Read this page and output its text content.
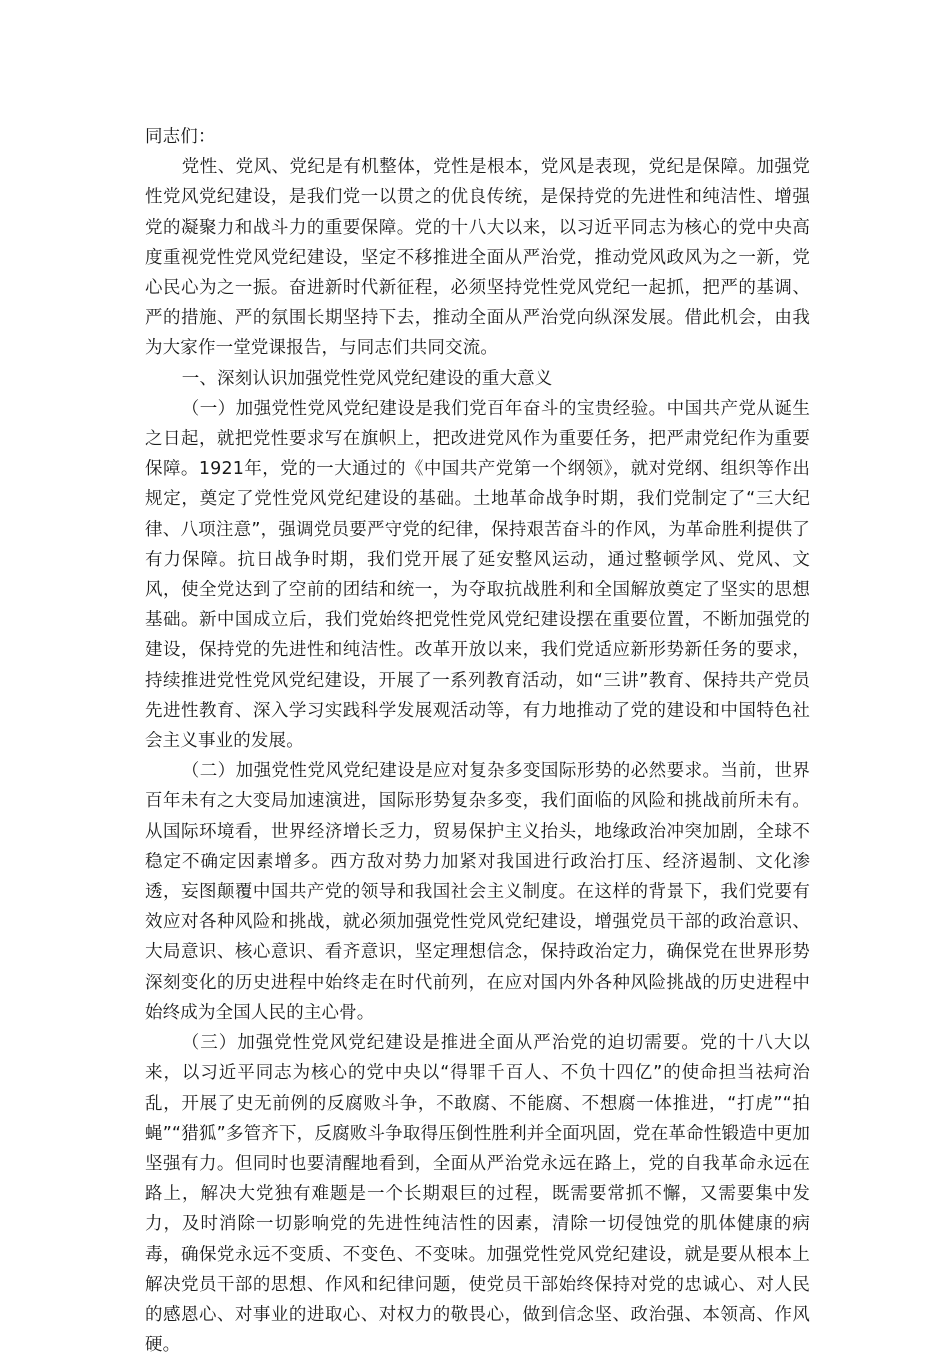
同志们：

党性、党风、党纪是有机整体，党性是根本，党风是表现，党纪是保障。加强党性党风党纪建设，是我们党一以贯之的优良传统，是保持党的先进性和纯洁性、增强党的凝聚力和战斗力的重要保障。党的十八大以来，以习近平同志为核心的党中央高度重视党性党风党纪建设，坚定不移推进全面从严治党，推动党风政风为之一新，党心民心为之一振。奋进新时代新征程，必须坚持党性党风党纪一起抓，把严的基调、严的措施、严的氛围长期坚持下去，推动全面从严治党向纵深发展。借此机会，由我为大家作一堂党课报告，与同志们共同交流。

一、深刻认识加强党性党风党纪建设的重大意义

（一）加强党性党风党纪建设是我们党百年奋斗的宝贵经验。中国共产党从诞生之日起，就把党性要求写在旗帜上，把改进党风作为重要任务，把严肃党纪作为重要保障。1921年，党的一大通过的《中国共产党第一个纲领》，就对党纲、组织等作出规定，奠定了党性党风党纪建设的基础。土地革命战争时期，我们党制定了“三大纪律、八项注意”，强调党员要严守党的纪律，保持艰苦奋斗的作风，为革命胜利提供了有力保障。抗日战争时期，我们党开展了延安整风运动，通过整顿学风、党风、文风，使全党达到了空前的团结和统一，为夺取抗战胜利和全国解放奠定了坚实的思想基础。新中国成立后，我们党始终把党性党风党纪建设摆在重要位置，不断加强党的建设，保持党的先进性和纯洁性。改革开放以来，我们党适应新形势新任务的要求，持续推进党性党风党纪建设，开展了一系列教育活动，如“三讲”教育、保持共产党员先进性教育、深入学习实践科学发展观活动等，有力地推动了党的建设和中国特色社会主义事业的发展。

（二）加强党性党风党纪建设是应对复杂多变国际形势的必然要求。当前，世界百年未有之大变局加速演进，国际形势复杂多变，我们面临的风险和挑战前所未有。从国际环境看，世界经济增长乏力，贸易保护主义抬头，地缘政治冲突加剧，全球不稳定不确定因素增多。西方敌对势力加紧对我国进行政治打压、经济遏制、文化渗透，妄图颠覆中国共产党的领导和我国社会主义制度。在这样的背景下，我们党要有效应对各种风险和挑战，就必须加强党性党风党纪建设，增强党员干部的政治意识、大局意识、核心意识、看齐意识，坚定理想信念，保持政治定力，确保党在世界形势深刻变化的历史进程中始终走在时代前列，在应对国内外各种风险挑战的历史进程中始终成为全国人民的主心骨。

（三）加强党性党风党纪建设是推进全面从严治党的迫切需要。党的十八大以来，以习近平同志为核心的党中央以“得罪千百人、不负十四亿”的使命担当祛疴治乱，开展了史无前例的反腐败斗争，不敢腐、不能腐、不想腐一体推进，“打虎”“拍蝇”“猎狐”多管齐下，反腐败斗争取得压倒性胜利并全面巩固，党在革命性锻造中更加坚强有力。但同时也要清醒地看到，全面从严治党永远在路上，党的自我革命永远在路上，解决大党独有难题是一个长期艰巨的过程，既需要常抓不懈，又需要集中发力，及时消除一切影响党的先进性纯洁性的因素，清除一切侵蚀党的肌体健康的病毒，确保党永远不变质、不变色、不变味。加强党性党风党纪建设，就是要从根本上解决党员干部的思想、作风和纪律问题，使党员干部始终保持对党的忠诚心、对人民的感恩心、对事业的进取心、对权力的敬畏心，做到信念坚、政治强、本领高、作风硬。
